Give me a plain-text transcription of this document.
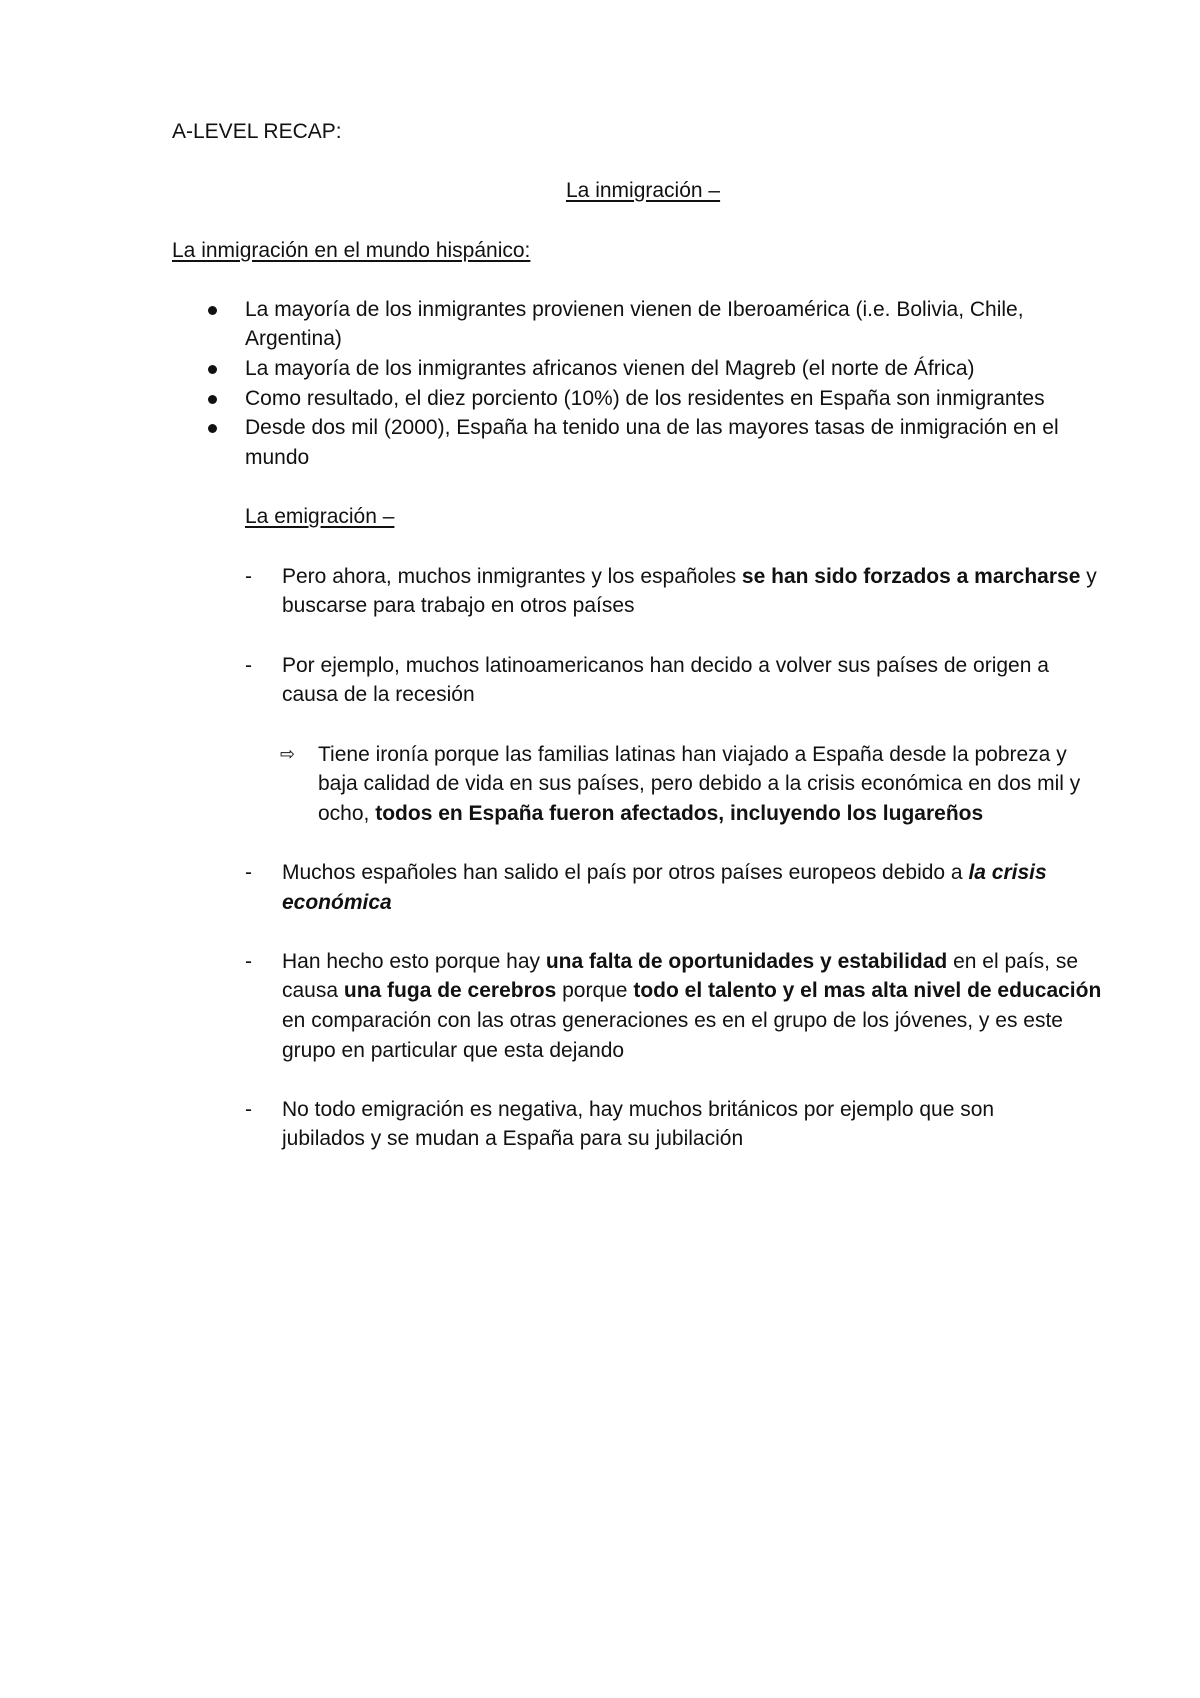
A-LEVEL RECAP:
La inmigración –
La inmigración en el mundo hispánico:
La mayoría de los inmigrantes provienen vienen de Iberoamérica (i.e. Bolivia, Chile,
Argentina)
La mayoría de los inmigrantes africanos vienen del Magreb (el norte de África)
Como resultado, el diez porciento (10%) de los residentes en España son inmigrantes
Desde dos mil (2000), España ha tenido una de las mayores tasas de inmigración en el
mundo
La emigración –
- Pero ahora, muchos inmigrantes y los españoles se han sido forzados a marcharse y
buscarse para trabajo en otros países
- Por ejemplo, muchos latinoamericanos han decido a volver sus países de origen a
causa de la recesión
⇨ Tiene ironía porque las familias latinas han viajado a España desde la pobreza y
baja calidad de vida en sus países, pero debido a la crisis económica en dos mil y
ocho, todos en España fueron afectados, incluyendo los lugareños
- Muchos españoles han salido el país por otros países europeos debido a la crisis
económica
- Han hecho esto porque hay una falta de oportunidades y estabilidad en el país, se
causa una fuga de cerebros porque todo el talento y el mas alta nivel de educación
en comparación con las otras generaciones es en el grupo de los jóvenes, y es este
grupo en particular que esta dejando
- No todo emigración es negativa, hay muchos británicos por ejemplo que son
jubilados y se mudan a España para su jubilación
